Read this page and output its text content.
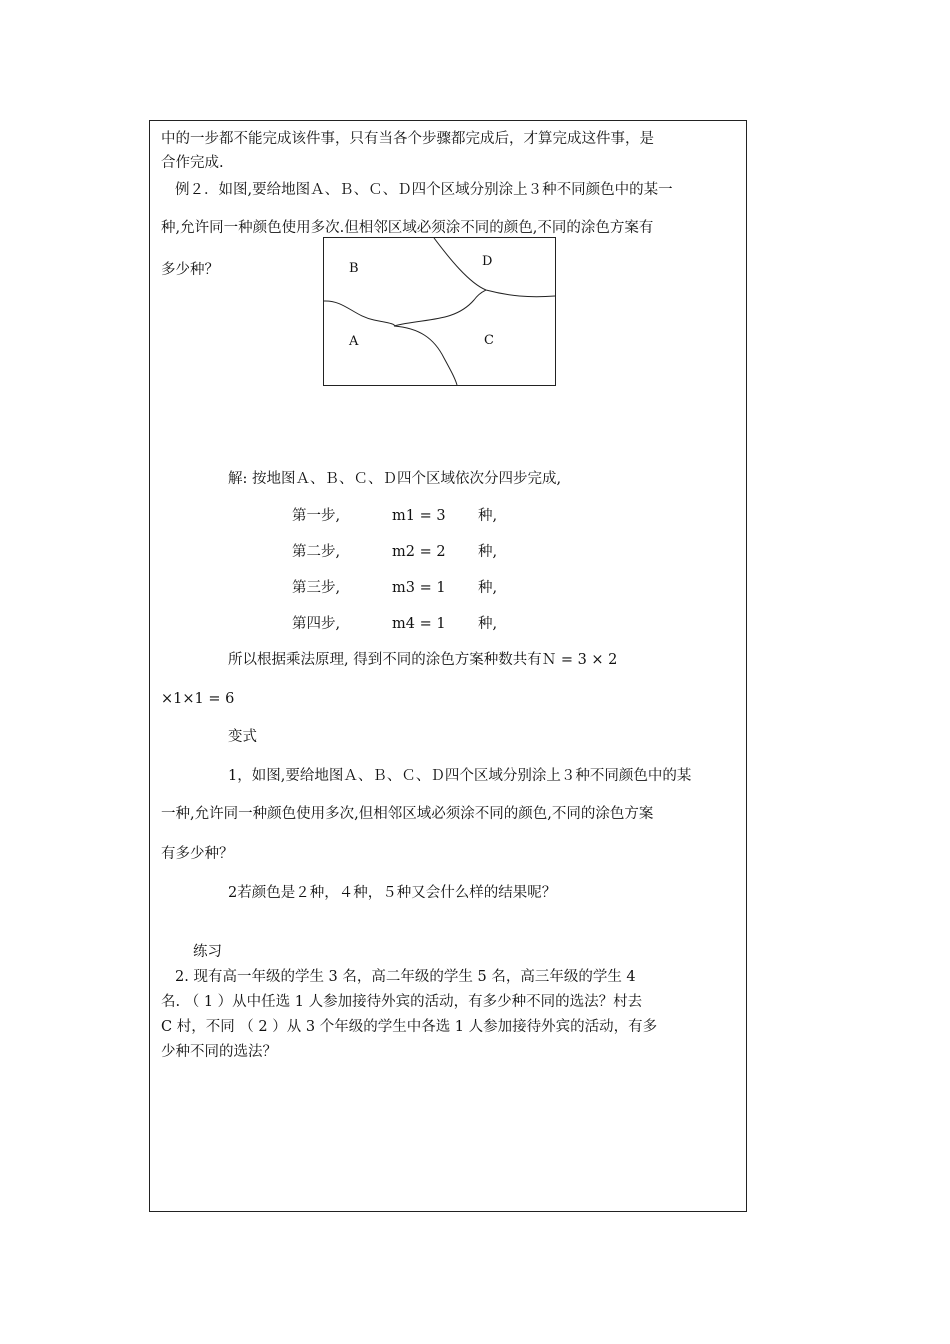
中的一步都不能完成该件事，只有当各个步骤都完成后，才算完成这件事，是
合作完成.
例２．如图,要给地图Ａ、Ｂ、Ｃ、Ｄ四个区域分别涂上３种不同颜色中的某一
种,允许同一种颜色使用多次.但相邻区域必须涂不同的颜色,不同的涂色方案有
多少种？	B	D
A	C
解: 按地图Ａ、Ｂ、Ｃ、Ｄ四个区域依次分四步完成,
第一步,	m1 = 3 种,
第二步,	m2 = 2 种,
第三步,	m3 = 1 种,
第四步,	m4 = 1 种,
所以根据乘法原理, 得到不同的涂色方案种数共有Ｎ = 3 × 2
×1×1 = 6
变式
1，如图,要给地图Ａ、Ｂ、Ｃ、Ｄ四个区域分别涂上３种不同颜色中的某
一种,允许同一种颜色使用多次,但相邻区域必须涂不同的颜色,不同的涂色方案
有多少种？
2若颜色是２种，４种，５种又会什么样的结果呢？
练习
2. 现有高一年级的学生 3 名，高二年级的学生 5 名，高三年级的学生 4
名. （ 1 ）从中任选 1 人参加接待外宾的活动，有多少种不同的选法？村去
C 村，不同 （ 2 ）从 3 个年级的学生中各选 1 人参加接待外宾的活动，有多
少种不同的选法？
